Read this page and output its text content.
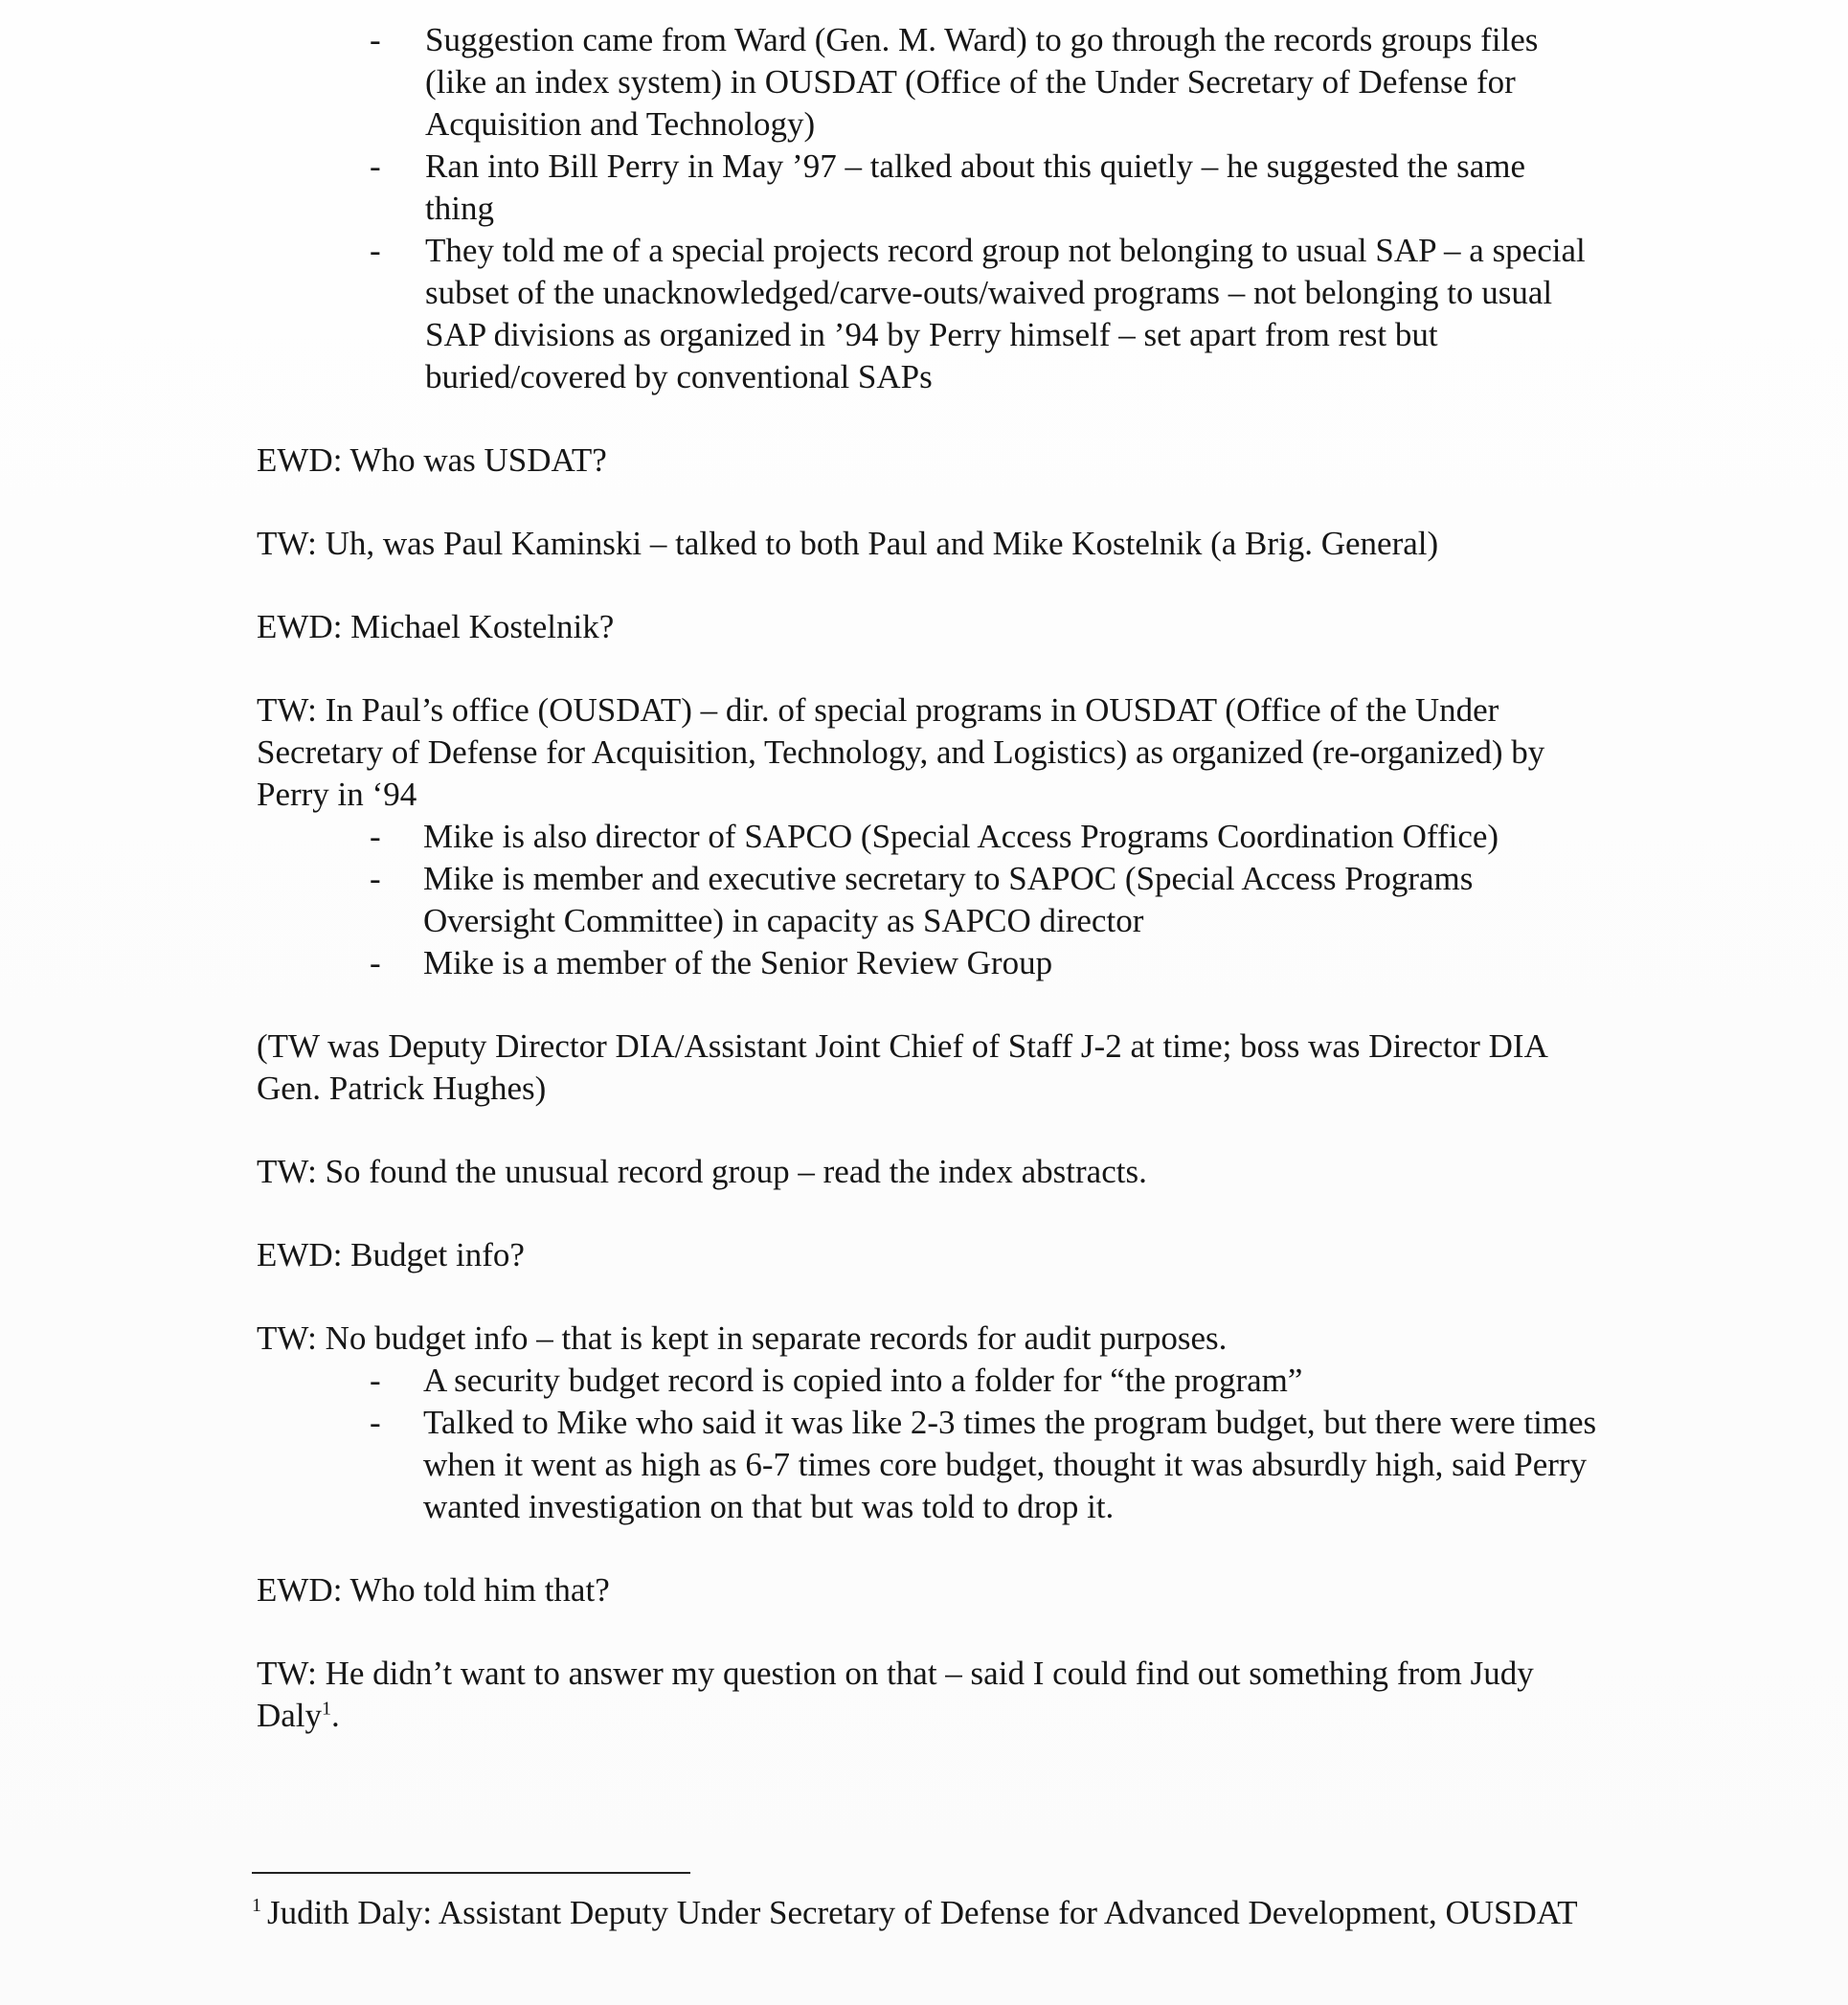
- Suggestion came from Ward (Gen. M. Ward) to go through the records groups files (like an index system) in OUSDAT (Office of the Under Secretary of Defense for Acquisition and Technology)
- Ran into Bill Perry in May ’97 – talked about this quietly – he suggested the same thing
- They told me of a special projects record group not belonging to usual SAP – a special subset of the unacknowledged/carve-outs/waived programs – not belonging to usual SAP divisions as organized in ’94 by Perry himself – set apart from rest but buried/covered by conventional SAPs

EWD: Who was USDAT?

TW: Uh, was Paul Kaminski – talked to both Paul and Mike Kostelnik (a Brig. General)

EWD: Michael Kostelnik?

TW: In Paul’s office (OUSDAT) – dir. of special programs in OUSDAT (Office of the Under Secretary of Defense for Acquisition, Technology, and Logistics) as organized (re-organized) by Perry in ‘94

- Mike is also director of SAPCO (Special Access Programs Coordination Office)
- Mike is member and executive secretary to SAPOC (Special Access Programs Oversight Committee) in capacity as SAPCO director
- Mike is a member of the Senior Review Group

(TW was Deputy Director DIA/Assistant Joint Chief of Staff J-2 at time; boss was Director DIA Gen. Patrick Hughes)

TW: So found the unusual record group – read the index abstracts.

EWD: Budget info?

TW: No budget info – that is kept in separate records for audit purposes.

- A security budget record is copied into a folder for “the program”
- Talked to Mike who said it was like 2-3 times the program budget, but there were times when it went as high as 6-7 times core budget, thought it was absurdly high, said Perry wanted investigation on that but was told to drop it.

EWD: Who told him that?

TW: He didn’t want to answer my question on that – said I could find out something from Judy Daly$^1$.

$^1$ Judith Daly: Assistant Deputy Under Secretary of Defense for Advanced Development, OUSDAT
